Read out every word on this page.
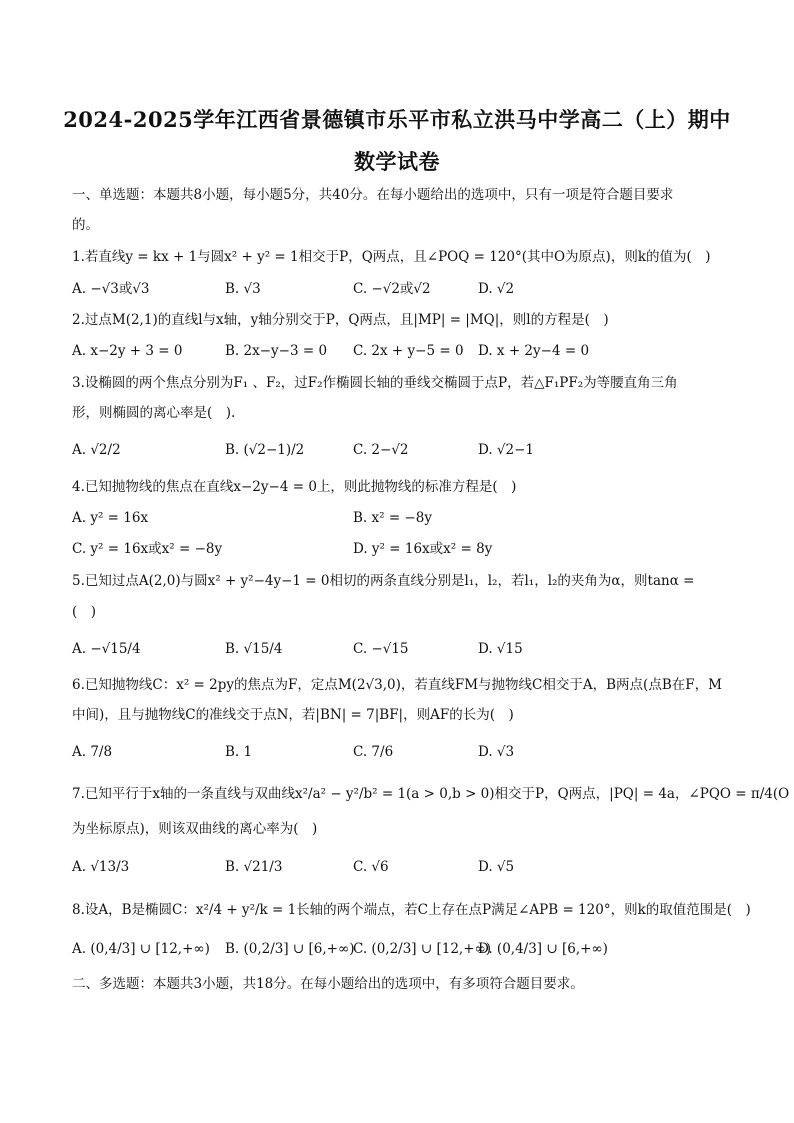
2024-2025学年江西省景德镇市乐平市私立洪马中学高二（上）期中
数学试卷
一、单选题：本题共8小题，每小题5分，共40分。在每小题给出的选项中，只有一项是符合题目要求
的。
1.若直线y = kx + 1与圆x² + y² = 1相交于P，Q两点，且∠POQ = 120°(其中O为原点)，则k的值为(　)
A. −√3或√3	B. √3	C. −√2或√2	D. √2
2.过点M(2,1)的直线l与x轴，y轴分别交于P，Q两点，且|MP| = |MQ|，则l的方程是(　)
A. x−2y + 3 = 0	B. 2x−y−3 = 0 C. 2x + y−5 = 0 D. x + 2y−4 = 0
3.设椭圆的两个焦点分别为F₁ 、F₂，过F₂作椭圆长轴的垂线交椭圆于点P，若△F₁PF₂为等腰直角三角
形，则椭圆的离心率是(　).
A. √2/2	B. (√2−1)/2	C. 2−√2	D. √2−1
4.已知抛物线的焦点在直线x−2y−4 = 0上，则此抛物线的标准方程是(　)
A. y² = 16x	B. x² = −8y
C. y² = 16x或x² = −8y	D. y² = 16x或x² = 8y
5.已知过点A(2,0)与圆x² + y²−4y−1 = 0相切的两条直线分别是l₁，l₂，若l₁，l₂的夹角为α，则tanα =
(　)
A. −√15/4	B. √15/4	C. −√15	D. √15
6.已知抛物线C：x² = 2py的焦点为F，定点M(2√3,0)，若直线FM与抛物线C相交于A，B两点(点B在F，M
中间)，且与抛物线C的准线交于点N，若|BN| = 7|BF|，则AF的长为(　)
A. 7/8	B. 1	C. 7/6	D. √3
7.已知平行于x轴的一条直线与双曲线x²/a² − y²/b² = 1(a > 0,b > 0)相交于P，Q两点，|PQ| = 4a，∠PQO = π/4(O
为坐标原点)，则该双曲线的离心率为(　)
A. √13/3	B. √21/3	C. √6	D. √5
8.设A，B是椭圆C：x²/4 + y²/k = 1长轴的两个端点，若C上存在点P满足∠APB = 120°，则k的取值范围是(　)
A. (0,4/3] ∪ [12,+∞) B. (0,2/3] ∪ [6,+∞)
C. (0,2/3] ∪ [12,+∞)
D. (0,4/3] ∪ [6,+∞)
二、多选题：本题共3小题，共18分。在每小题给出的选项中，有多项符合题目要求。
